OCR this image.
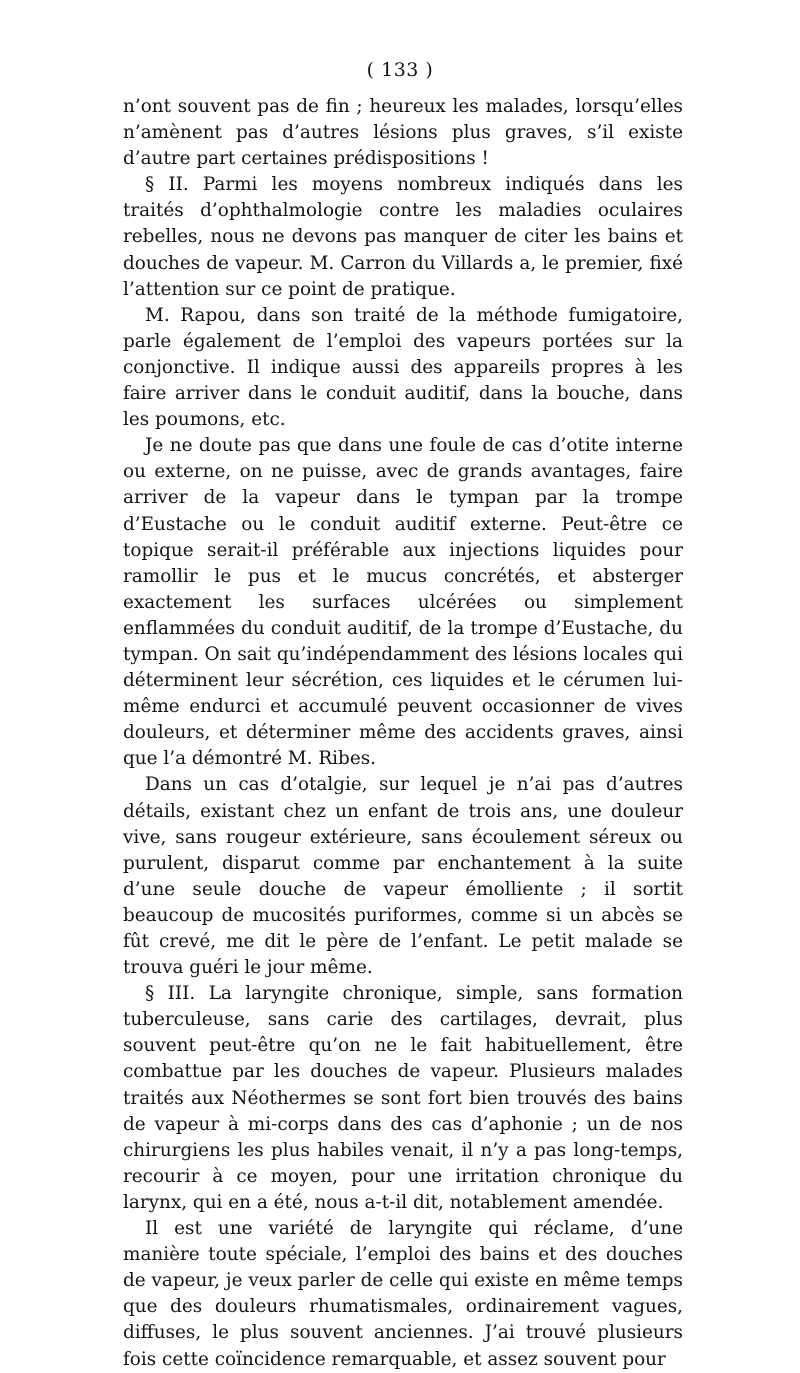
( 133 )

n’ont souvent pas de fin ; heureux les malades, lorsqu’elles n’amènent pas d’autres lésions plus graves, s’il existe d’autre part certaines prédispositions !

§ II. Parmi les moyens nombreux indiqués dans les traités d’ophthalmologie contre les maladies oculaires rebelles, nous ne devons pas manquer de citer les bains et douches de vapeur. M. Carron du Villards a, le premier, fixé l’attention sur ce point de pratique.

M. Rapou, dans son traité de la méthode fumigatoire, parle également de l’emploi des vapeurs portées sur la conjonctive. Il indique aussi des appareils propres à les faire arriver dans le conduit auditif, dans la bouche, dans les poumons, etc.

Je ne doute pas que dans une foule de cas d’otite interne ou externe, on ne puisse, avec de grands avantages, faire arriver de la vapeur dans le tympan par la trompe d’Eustache ou le conduit auditif externe. Peut-être ce topique serait-il préférable aux injections liquides pour ramollir le pus et le mucus concrétés, et absterger exactement les surfaces ulcérées ou simplement enflammées du conduit auditif, de la trompe d’Eustache, du tympan. On sait qu’indépendamment des lésions locales qui déterminent leur sécrétion, ces liquides et le cérumen lui-même endurci et accumulé peuvent occasionner de vives douleurs, et déterminer même des accidents graves, ainsi que l’a démontré M. Ribes.

Dans un cas d’otalgie, sur lequel je n’ai pas d’autres détails, existant chez un enfant de trois ans, une douleur vive, sans rougeur extérieure, sans écoulement séreux ou purulent, disparut comme par enchantement à la suite d’une seule douche de vapeur émolliente ; il sortit beaucoup de mucosités puriformes, comme si un abcès se fût crevé, me dit le père de l’enfant. Le petit malade se trouva guéri le jour même.

§ III. La laryngite chronique, simple, sans formation tuberculeuse, sans carie des cartilages, devrait, plus souvent peut-être qu’on ne le fait habituellement, être combattue par les douches de vapeur. Plusieurs malades traités aux Néothermes se sont fort bien trouvés des bains de vapeur à mi-corps dans des cas d’aphonie ; un de nos chirurgiens les plus habiles venait, il n’y a pas long-temps, recourir à ce moyen, pour une irritation chronique du larynx, qui en a été, nous a-t-il dit, notablement amendée.

Il est une variété de laryngite qui réclame, d’une manière toute spéciale, l’emploi des bains et des douches de vapeur, je veux parler de celle qui existe en même temps que des douleurs rhumatismales, ordinairement vagues, diffuses, le plus souvent anciennes. J’ai trouvé plusieurs fois cette coïncidence remarquable, et assez souvent pour
